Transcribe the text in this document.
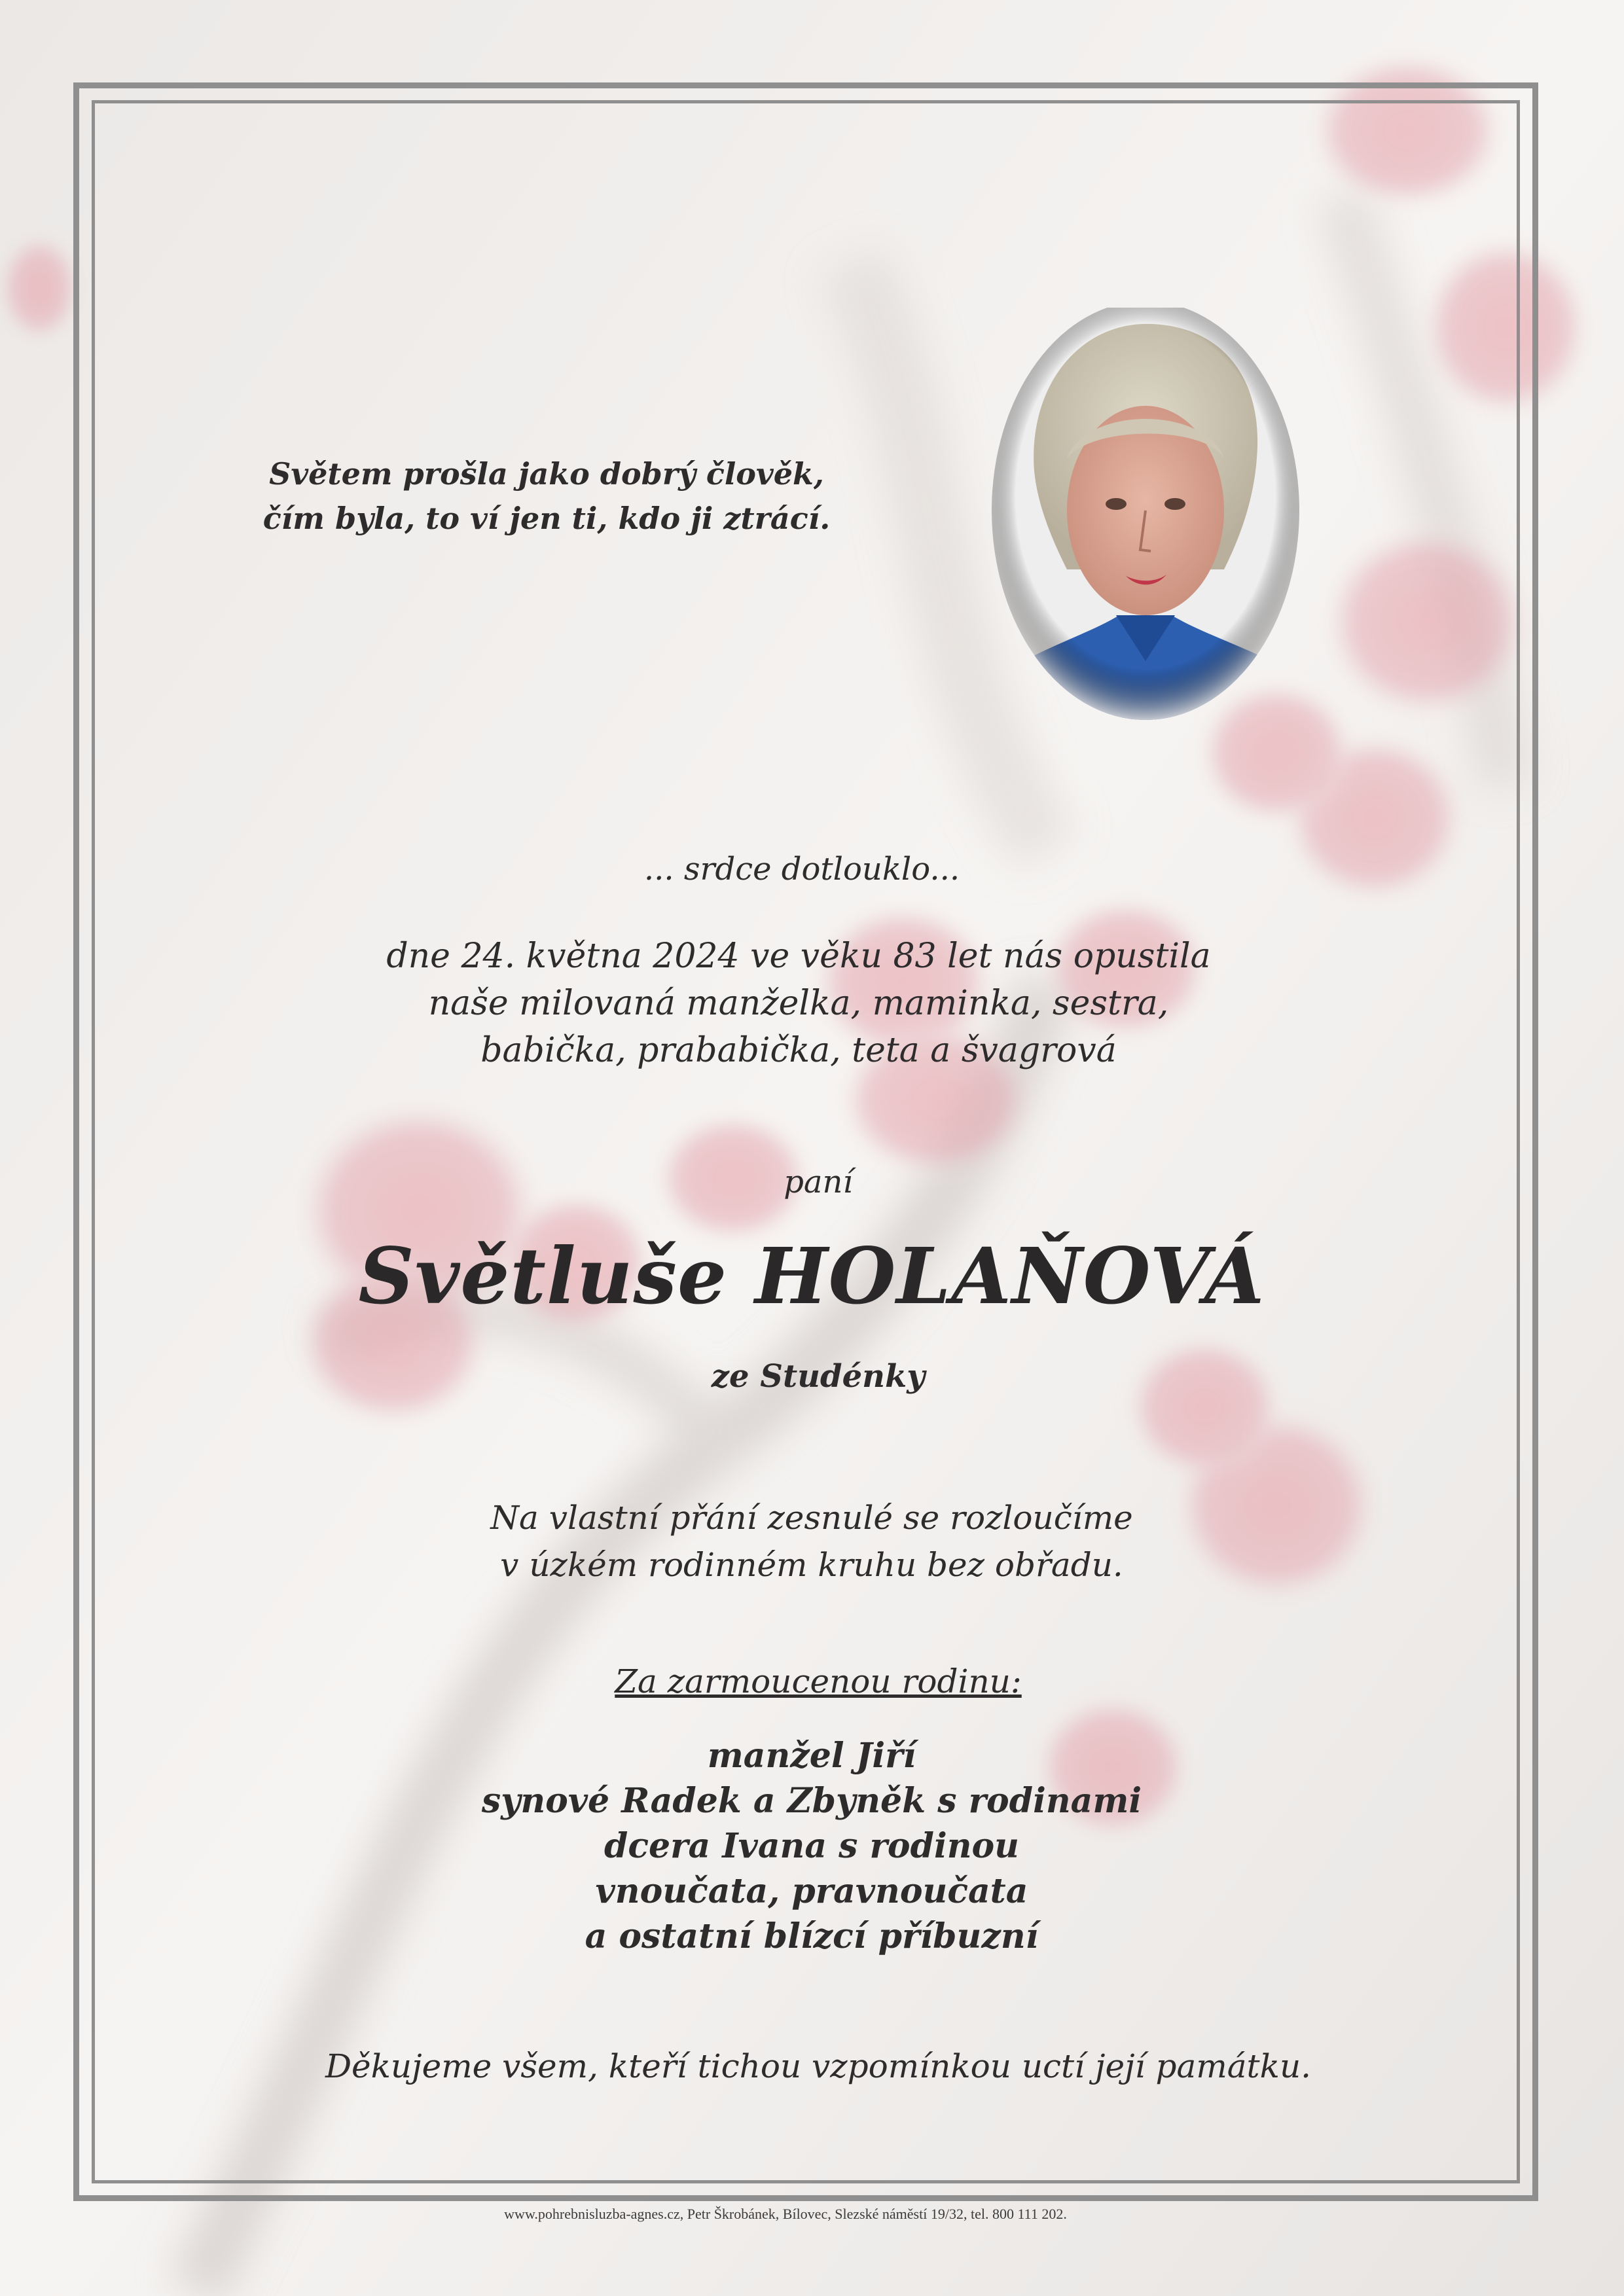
Světem prošla jako dobrý člověk,
čím byla, to ví jen ti, kdo ji ztrácí.
... srdce dotlouklo...
dne 24. května 2024 ve věku 83 let nás opustila
naše milovaná manželka, maminka, sestra,
babička, prababička, teta a švagrová
paní
Světluše HOLAŇOVÁ
ze Studénky
Na vlastní přání zesnulé se rozloučíme
v úzkém rodinném kruhu bez obřadu.
Za zarmoucenou rodinu:
manžel Jiří
synové Radek a Zbyněk s rodinami
dcera Ivana s rodinou
vnoučata, pravnoučata
a ostatní blízcí příbuzní
Děkujeme všem, kteří tichou vzpomínkou uctí její památku.
www.pohrebnisluzba-agnes.cz, Petr Škrobánek, Bílovec, Slezské náměstí 19/32, tel. 800 111 202.
